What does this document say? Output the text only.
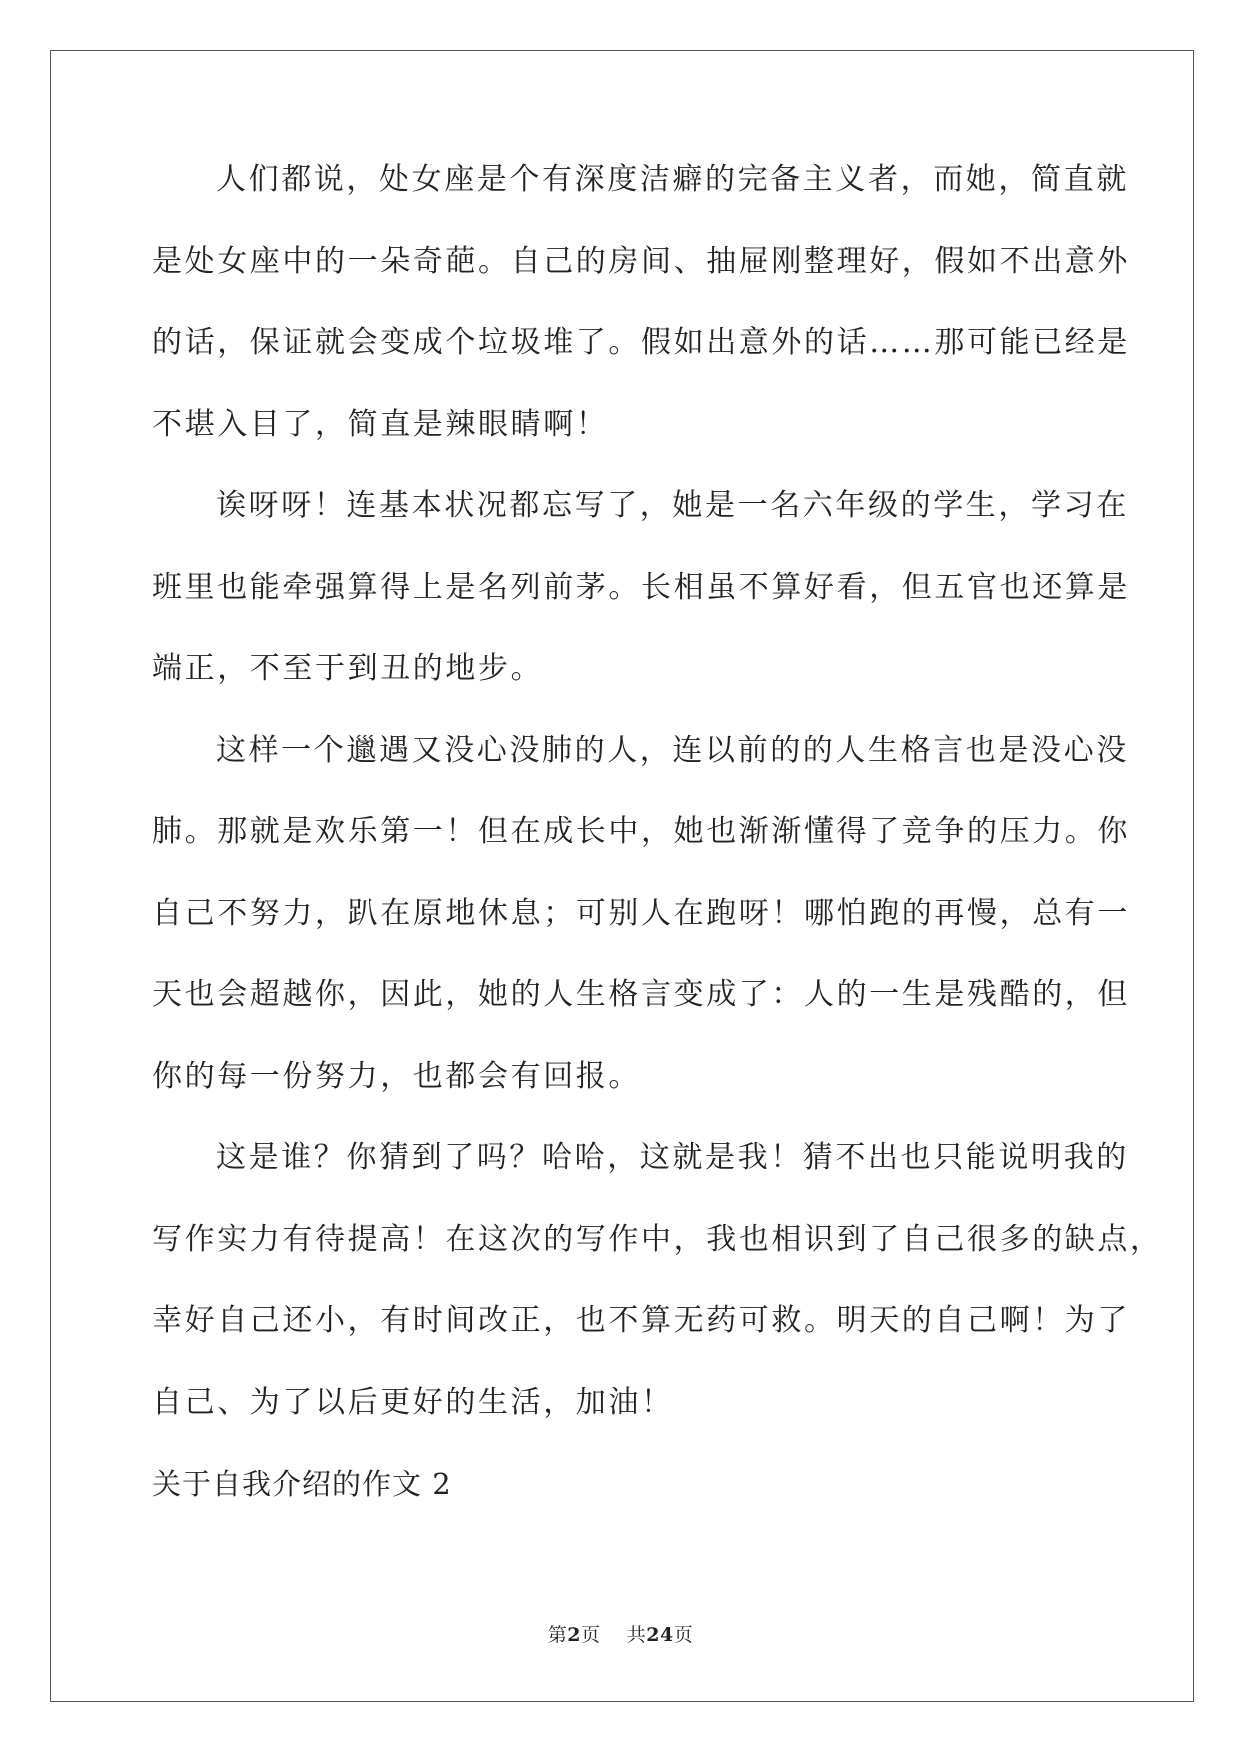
人们都说，处女座是个有深度洁癖的完备主义者，而她，简直就
是处女座中的一朵奇葩。自己的房间、抽屉刚整理好，假如不出意外
的话，保证就会变成个垃圾堆了。假如出意外的话……那可能已经是
不堪入目了，简直是辣眼睛啊！
诶呀呀！连基本状况都忘写了，她是一名六年级的学生，学习在
班里也能牵强算得上是名列前茅。长相虽不算好看，但五官也还算是
端正，不至于到丑的地步。
这样一个邋遇又没心没肺的人，连以前的的人生格言也是没心没
肺。那就是欢乐第一！但在成长中，她也渐渐懂得了竞争的压力。你
自己不努力，趴在原地休息；可别人在跑呀！哪怕跑的再慢，总有一
天也会超越你，因此，她的人生格言变成了：人的一生是残酷的，但
你的每一份努力，也都会有回报。
这是谁？你猜到了吗？哈哈，这就是我！猜不出也只能说明我的
写作实力有待提高！在这次的写作中，我也相识到了自己很多的缺点，
幸好自己还小，有时间改正，也不算无药可救。明天的自己啊！为了
自己、为了以后更好的生活，加油！
关于自我介绍的作文 2
第2页 共24页
